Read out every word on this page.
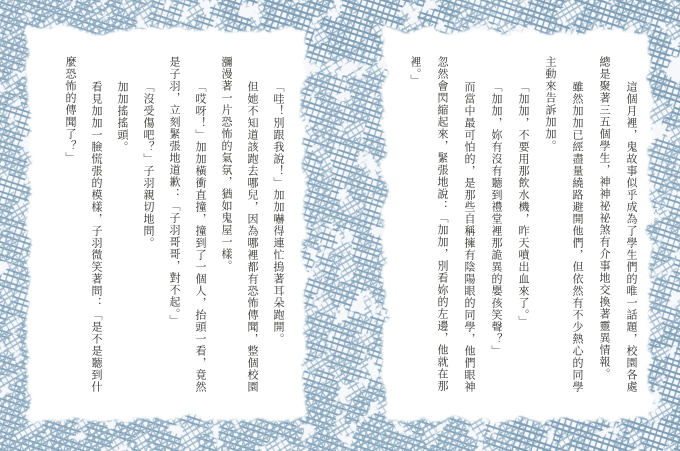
這個月裡，鬼故事似乎成為了學生們的唯一話題，校園各處
總是聚著三五個學生，神神祕祕煞有介事地交換著靈異情報。
雖然加加已經盡量繞路避開他們，但依然有不少熱心的同學
主動來告訴加加。
「加加，不要用那飲水機，昨天噴出血來了。」
「加加，妳有沒有聽到禮堂裡那詭異的嬰孩笑聲？」
而當中最可怕的，是那些自稱擁有陰陽眼的同學，他們眼神
忽然會閃縮起來，緊張地說：「加加，別看妳的左邊，他就在那
裡。」
「哇！別跟我說！」加加嚇得連忙摀著耳朵跑開。
但她不知道該跑去哪兒，因為哪裡都有恐怖傳聞，整個校園
瀰漫著一片恐怖的氣氛，猶如鬼屋一樣。
「哎呀！」加加橫衝直撞，撞到了一個人，抬頭一看，竟然
是子羽，立刻緊張地道歉：「子羽哥哥，對不起。」
「沒受傷吧？」子羽親切地問。
加加搖搖頭。
看見加加一臉慌張的模樣，子羽微笑著問：「是不是聽到什
麼恐怖的傳聞了？」
∧
2
∨
∧
8
∨
